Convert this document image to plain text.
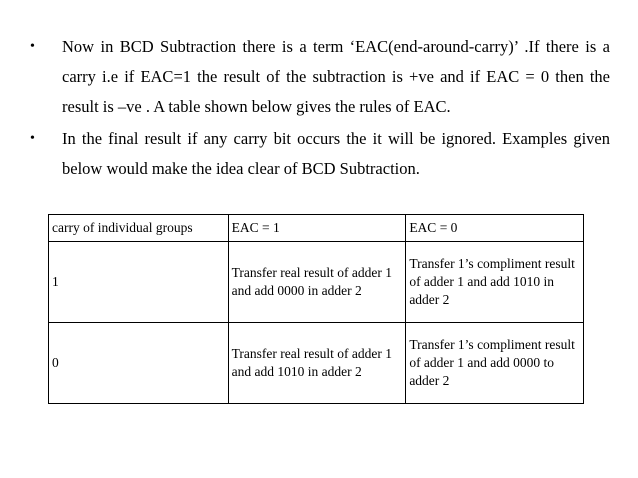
• Now in BCD Subtraction there is a term ‘EAC(end-around-carry)’ .If there is a carry i.e if EAC=1 the result of the subtraction is +ve and if EAC = 0 then the result is –ve . A table shown below gives the rules of EAC.
• In the final result if any carry bit occurs the it will be ignored. Examples given below would make the idea clear of BCD Subtraction.
carry of individual groups	EAC = 1	EAC = 0
1	Transfer real result of adder 1 and add 0000 in adder 2	Transfer 1’s compliment result of adder 1 and add 1010 in adder 2
0	Transfer real result of adder 1 and add 1010 in adder 2	Transfer 1’s compliment result of adder 1 and add 0000 to adder 2
